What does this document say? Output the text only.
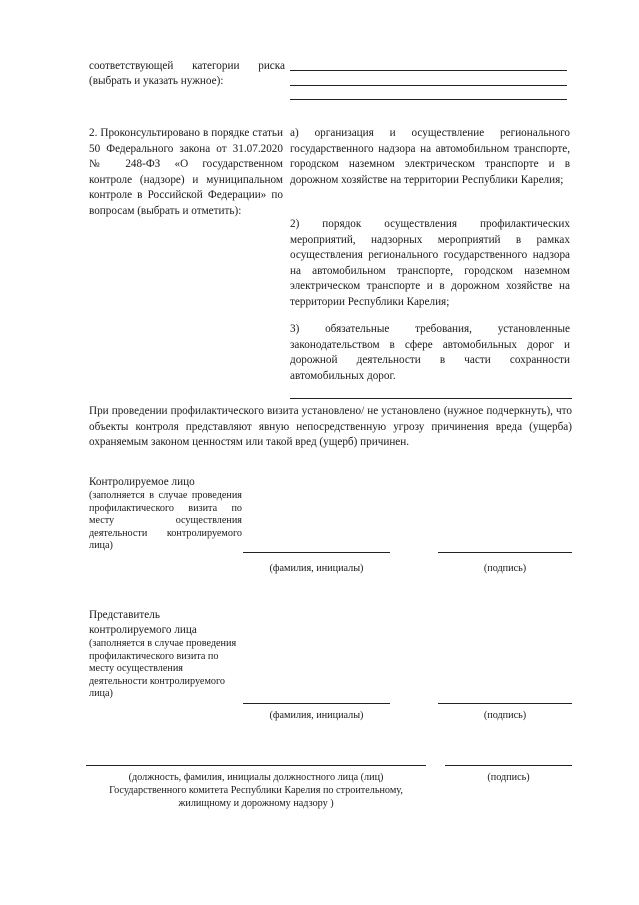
соответствующей категории риска
(выбрать и указать нужное):
2. Проконсультировано в порядке статьи 50 Федерального закона от 31.07.2020 № 248-ФЗ «О государственном контроле (надзоре) и муниципальном контроле в Российской Федерации» по вопросам (выбрать и отметить):
а) организация и осуществление регионального государственного надзора на автомобильном транспорте, городском наземном электрическом транспорте и в дорожном хозяйстве на территории Республики Карелия;
2) порядок осуществления профилактических мероприятий, надзорных мероприятий в рамках осуществления регионального государственного надзора на автомобильном транспорте, городском наземном электрическом транспорте и в дорожном хозяйстве на территории Республики Карелия;
3) обязательные требования, установленные законодательством в сфере автомобильных дорог и дорожной деятельности в части сохранности автомобильных дорог.
При проведении профилактического визита установлено/ не установлено (нужное подчеркнуть), что объекты контроля представляют явную непосредственную угрозу причинения вреда (ущерба) охраняемым законом ценностям или такой вред (ущерб) причинен.
Контролируемое лицо
(заполняется в случае проведения профилактического визита по месту осуществления деятельности контролируемого лица)
(фамилия, инициалы)	(подпись)
Представитель
контролируемого лица
(заполняется в случае проведения профилактического визита по месту осуществления деятельности контролируемого лица)
(фамилия, инициалы)	(подпись)
(должность, фамилия, инициалы должностного лица (лиц)
Государственного комитета Республики Карелия по строительному,
жилищному и дорожному надзору )
(подпись)
